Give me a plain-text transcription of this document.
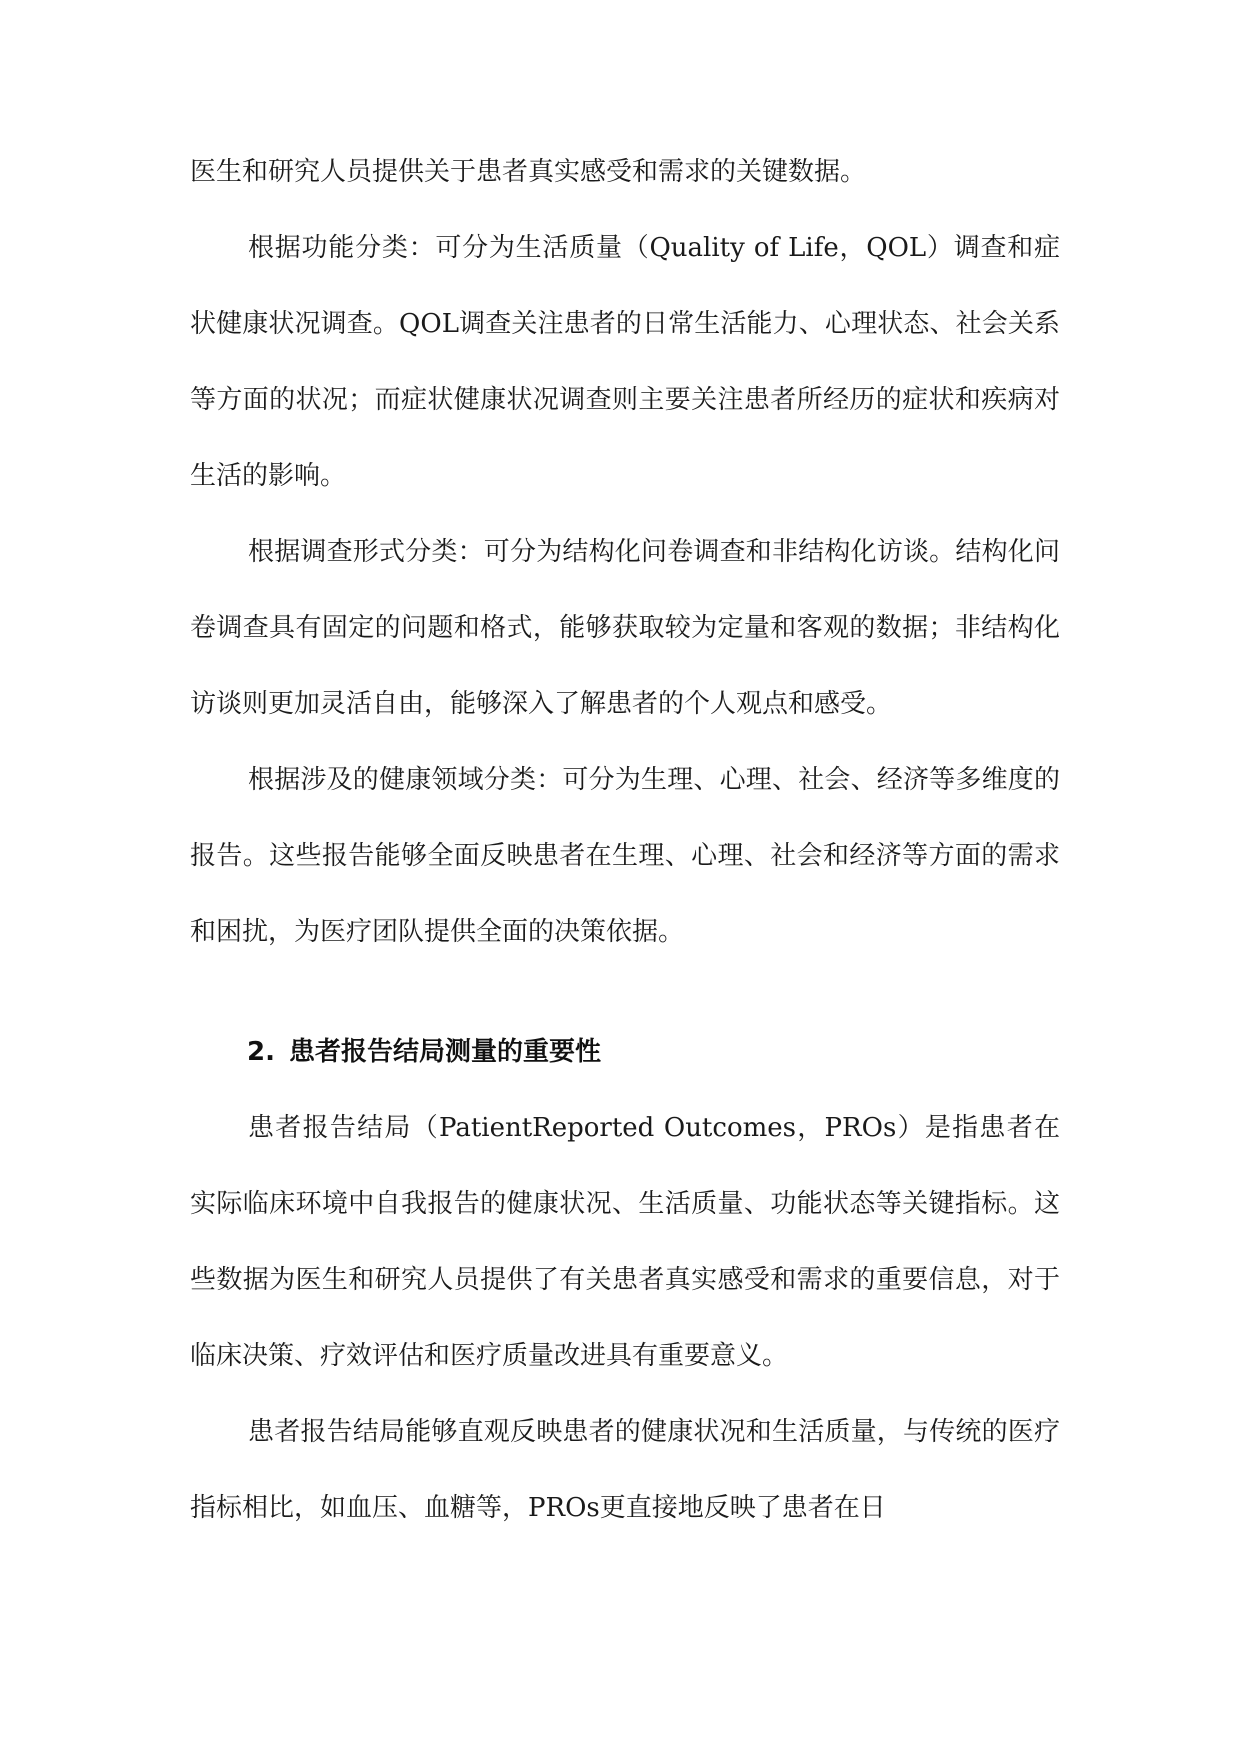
医生和研究人员提供关于患者真实感受和需求的关键数据。

根据功能分类：可分为生活质量（Quality of Life，QOL）调查和症状健康状况调查。QOL调查关注患者的日常生活能力、心理状态、社会关系等方面的状况；而症状健康状况调查则主要关注患者所经历的症状和疾病对生活的影响。

根据调查形式分类：可分为结构化问卷调查和非结构化访谈。结构化问卷调查具有固定的问题和格式，能够获取较为定量和客观的数据；非结构化访谈则更加灵活自由，能够深入了解患者的个人观点和感受。

根据涉及的健康领域分类：可分为生理、心理、社会、经济等多维度的报告。这些报告能够全面反映患者在生理、心理、社会和经济等方面的需求和困扰，为医疗团队提供全面的决策依据。

2. 患者报告结局测量的重要性

患者报告结局（PatientReported Outcomes，PROs）是指患者在实际临床环境中自我报告的健康状况、生活质量、功能状态等关键指标。这些数据为医生和研究人员提供了有关患者真实感受和需求的重要信息，对于临床决策、疗效评估和医疗质量改进具有重要意义。

患者报告结局能够直观反映患者的健康状况和生活质量，与传统的医疗指标相比，如血压、血糖等，PROs更直接地反映了患者在日
